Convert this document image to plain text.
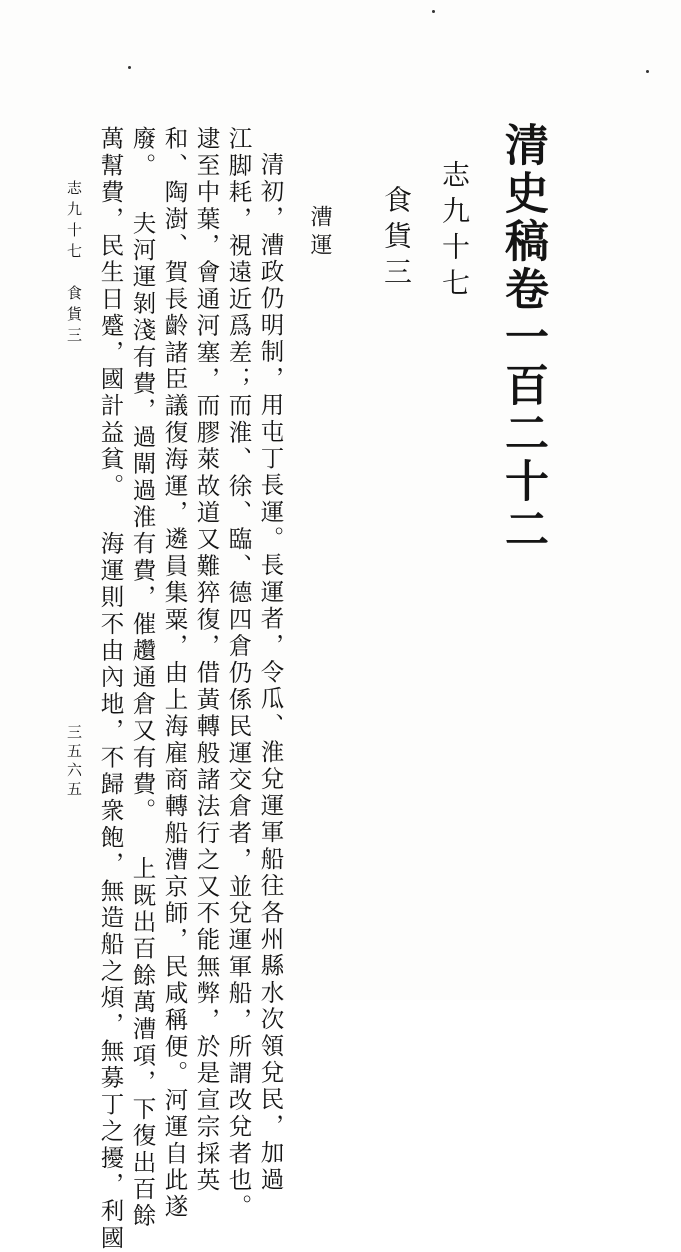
清史稿卷一百二十二
志九十七
食貨三
漕運
清初，漕政仍明制，用屯丁長運。長運者，令瓜、淮兌運軍船往各州縣水次領兌民，加過
江脚耗，視遠近爲差；而淮、徐、臨、德四倉仍係民運交倉者，並兌運軍船，所謂改兌者也。
逮至中葉，會通河塞，而膠萊故道又難猝復，借黃轉般諸法行之又不能無弊，於是宣宗採英
和、陶澍、賀長齡諸臣議復海運，遴員集粟，由上海雇商轉船漕京師，民咸稱便。河運自此遂
廢。 夫河運剝淺有費，過閘過淮有費，催趲通倉又有費。 上既出百餘萬漕項，下復出百餘
萬幫費，民生日蹙，國計益貧。 海運則不由內地，不歸衆飽，無造船之煩，無募丁之擾，利國
志九十七　食貨三
三五六五
